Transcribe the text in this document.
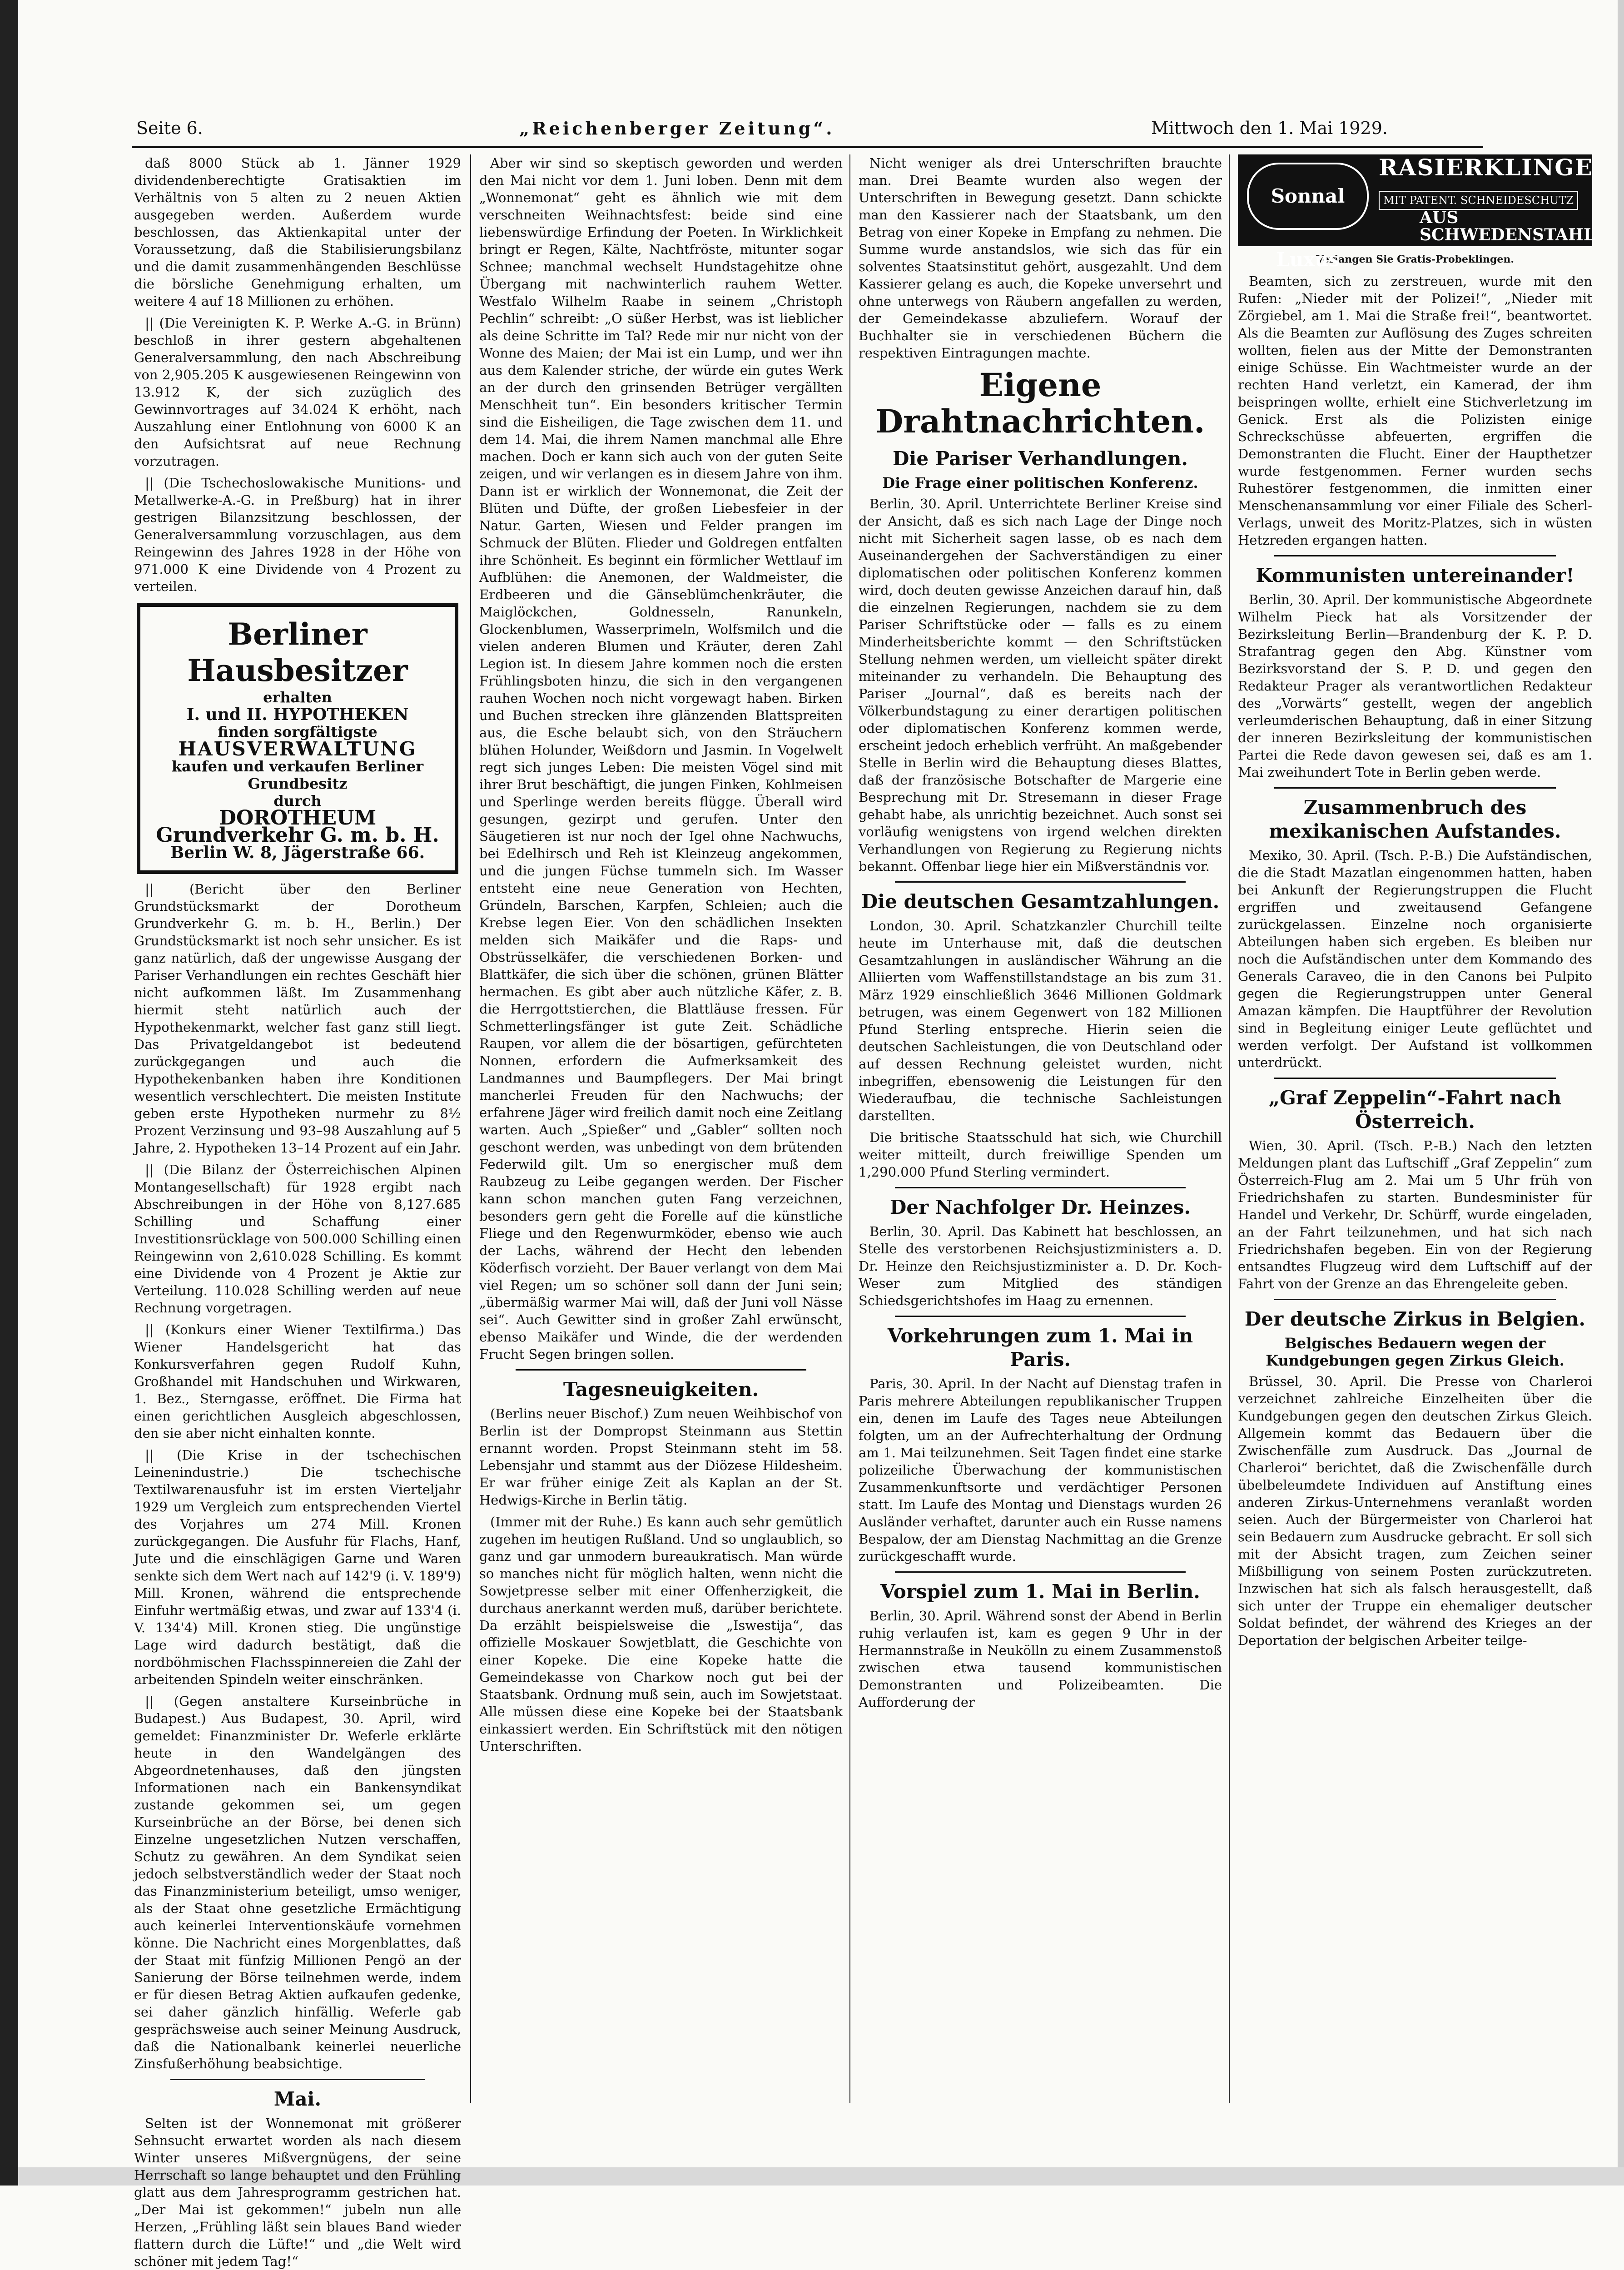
Seite 6.	„Reichenberger Zeitung“.	Mittwoch den 1. Mai 1929.

daß 8000 Stück ab 1. Jänner 1929 dividendenberechtigte Gratisaktien im Verhältnis von 5 alten zu 2 neuen Aktien ausgegeben werden. Außerdem wurde beschlossen, das Aktienkapital unter der Voraussetzung, daß die Stabilisierungsbilanz und die damit zusammenhängenden Beschlüsse die börsliche Genehmigung erhalten, um weitere 4 auf 18 Millionen zu erhöhen.

|| (Die Vereinigten K. P. Werke A.-G. in Brünn) beschloß in ihrer gestern abgehaltenen Generalversammlung, den nach Abschreibung von 2,905.205 K ausgewiesenen Reingewinn von 13.912 K, der sich zuzüglich des Gewinnvortrages auf 34.024 K erhöht, nach Auszahlung einer Entlohnung von 6000 K an den Aufsichtsrat auf neue Rechnung vorzutragen.

|| (Die Tschechoslowakische Munitions- und Metallwerke-A.-G. in Preßburg) hat in ihrer gestrigen Bilanzsitzung beschlossen, der Generalversammlung vorzuschlagen, aus dem Reingewinn des Jahres 1928 in der Höhe von 971.000 K eine Dividende von 4 Prozent zu verteilen.

Berliner Hausbesitzer
erhalten
I. und II. HYPOTHEKEN
finden sorgfältigste
HAUSVERWALTUNG
kaufen und verkaufen Berliner Grundbesitz
durch
DOROTHEUM Grundverkehr G. m. b. H.
Berlin W. 8, Jägerstraße 66.

|| (Bericht über den Berliner Grundstücksmarkt der Dorotheum Grundverkehr G. m. b. H., Berlin.) Der Grundstücksmarkt ist noch sehr unsicher. Es ist ganz natürlich, daß der ungewisse Ausgang der Pariser Verhandlungen ein rechtes Geschäft hier nicht aufkommen läßt. Im Zusammenhang hiermit steht natürlich auch der Hypothekenmarkt, welcher fast ganz still liegt. Das Privatgeldangebot ist bedeutend zurückgegangen und auch die Hypothekenbanken haben ihre Konditionen wesentlich verschlechtert. Die meisten Institute geben erste Hypotheken nurmehr zu 8½ Prozent Verzinsung und 93–98 Auszahlung auf 5 Jahre, 2. Hypotheken 13–14 Prozent auf ein Jahr.

|| (Die Bilanz der Österreichischen Alpinen Montangesellschaft) für 1928 ergibt nach Abschreibungen in der Höhe von 8,127.685 Schilling und Schaffung einer Investitionsrücklage von 500.000 Schilling einen Reingewinn von 2,610.028 Schilling. Es kommt eine Dividende von 4 Prozent je Aktie zur Verteilung. 110.028 Schilling werden auf neue Rechnung vorgetragen.

|| (Konkurs einer Wiener Textilfirma.) Das Wiener Handelsgericht hat das Konkursverfahren gegen Rudolf Kuhn, Großhandel mit Handschuhen und Wirkwaren, 1. Bez., Sterngasse, eröffnet. Die Firma hat einen gerichtlichen Ausgleich abgeschlossen, den sie aber nicht einhalten konnte.

|| (Die Krise in der tschechischen Leinenindustrie.) Die tschechische Textilwarenausfuhr ist im ersten Vierteljahr 1929 um Vergleich zum entsprechenden Viertel des Vorjahres um 274 Mill. Kronen zurückgegangen. Die Ausfuhr für Flachs, Hanf, Jute und die einschlägigen Garne und Waren senkte sich dem Wert nach auf 142'9 (i. V. 189'9) Mill. Kronen, während die entsprechende Einfuhr wertmäßig etwas, und zwar auf 133'4 (i. V. 134'4) Mill. Kronen stieg. Die ungünstige Lage wird dadurch bestätigt, daß die nordböhmischen Flachsspinnereien die Zahl der arbeitenden Spindeln weiter einschränken.

|| (Gegen anstaltere Kurseinbrüche in Budapest.) Aus Budapest, 30. April, wird gemeldet: Finanzminister Dr. Weferle erklärte heute in den Wandelgängen des Abgeordnetenhauses, daß den jüngsten Informationen nach ein Bankensyndikat zustande gekommen sei, um gegen Kurseinbrüche an der Börse, bei denen sich Einzelne ungesetzlichen Nutzen verschaffen, Schutz zu gewähren. An dem Syndikat seien jedoch selbstverständlich weder der Staat noch das Finanzministerium beteiligt, umso weniger, als der Staat ohne gesetzliche Ermächtigung auch keinerlei Interventionskäufe vornehmen könne. Die Nachricht eines Morgenblattes, daß der Staat mit fünfzig Millionen Pengö an der Sanierung der Börse teilnehmen werde, indem er für diesen Betrag Aktien aufkaufen gedenke, sei daher gänzlich hinfällig. Weferle gab gesprächsweise auch seiner Meinung Ausdruck, daß die Nationalbank keinerlei neuerliche Zinsfußerhöhung beabsichtige.

Mai.

Selten ist der Wonnemonat mit größerer Sehnsucht erwartet worden als nach diesem Winter unseres Mißvergnügens, der seine Herrschaft so lange behauptet und den Frühling glatt aus dem Jahresprogramm gestrichen hat. „Der Mai ist gekommen!“ jubeln nun alle Herzen, „Frühling läßt sein blaues Band wieder flattern durch die Lüfte!“ und „die Welt wird schöner mit jedem Tag!“

Aber wir sind so skeptisch geworden und werden den Mai nicht vor dem 1. Juni loben. Denn mit dem „Wonnemonat“ geht es ähnlich wie mit dem verschneiten Weihnachtsfest: beide sind eine liebenswürdige Erfindung der Poeten. In Wirklichkeit bringt er Regen, Kälte, Nachtfröste, mitunter sogar Schnee; manchmal wechselt Hundstagehitze ohne Übergang mit nachwinterlich rauhem Wetter. Westfalo Wilhelm Raabe in seinem „Christoph Pechlin“ schreibt: „O süßer Herbst, was ist lieblicher als deine Schritte im Tal? Rede mir nur nicht von der Wonne des Maien; der Mai ist ein Lump, und wer ihn aus dem Kalender striche, der würde ein gutes Werk an der durch den grinsenden Betrüger vergällten Menschheit tun“. Ein besonders kritischer Termin sind die Eisheiligen, die Tage zwischen dem 11. und dem 14. Mai, die ihrem Namen manchmal alle Ehre machen. Doch er kann sich auch von der guten Seite zeigen, und wir verlangen es in diesem Jahre von ihm. Dann ist er wirklich der Wonnemonat, die Zeit der Blüten und Düfte, der großen Liebesfeier in der Natur. Garten, Wiesen und Felder prangen im Schmuck der Blüten. Flieder und Goldregen entfalten ihre Schönheit. Es beginnt ein förmlicher Wettlauf im Aufblühen: die Anemonen, der Waldmeister, die Erdbeeren und die Gänseblümchenkräuter, die Maiglöckchen, Goldnesseln, Ranunkeln, Glockenblumen, Wasserprimeln, Wolfsmilch und die vielen anderen Blumen und Kräuter, deren Zahl Legion ist. In diesem Jahre kommen noch die ersten Frühlingsboten hinzu, die sich in den vergangenen rauhen Wochen noch nicht vorgewagt haben. Birken und Buchen strecken ihre glänzenden Blattspreiten aus, die Esche belaubt sich, von den Sträuchern blühen Holunder, Weißdorn und Jasmin. In Vogelwelt regt sich junges Leben: Die meisten Vögel sind mit ihrer Brut beschäftigt, die jungen Finken, Kohlmeisen und Sperlinge werden bereits flügge. Überall wird gesungen, gezirpt und gerufen. Unter den Säugetieren ist nur noch der Igel ohne Nachwuchs, bei Edelhirsch und Reh ist Kleinzeug angekommen, und die jungen Füchse tummeln sich. Im Wasser entsteht eine neue Generation von Hechten, Gründeln, Barschen, Karpfen, Schleien; auch die Krebse legen Eier. Von den schädlichen Insekten melden sich Maikäfer und die Raps- und Obstrüsselkäfer, die verschiedenen Borken- und Blattkäfer, die sich über die schönen, grünen Blätter hermachen. Es gibt aber auch nützliche Käfer, z. B. die Herrgottstierchen, die Blattläuse fressen. Für Schmetterlingsfänger ist gute Zeit. Schädliche Raupen, vor allem die der bösartigen, gefürchteten Nonnen, erfordern die Aufmerksamkeit des Landmannes und Baumpflegers. Der Mai bringt mancherlei Freuden für den Nachwuchs; der erfahrene Jäger wird freilich damit noch eine Zeitlang warten. Auch „Spießer“ und „Gabler“ sollten noch geschont werden, was unbedingt von dem brütenden Federwild gilt. Um so energischer muß dem Raubzeug zu Leibe gegangen werden. Der Fischer kann schon manchen guten Fang verzeichnen, besonders gern geht die Forelle auf die künstliche Fliege und den Regenwurmköder, ebenso wie auch der Lachs, während der Hecht den lebenden Köderfisch vorzieht. Der Bauer verlangt von dem Mai viel Regen; um so schöner soll dann der Juni sein; „übermäßig warmer Mai will, daß der Juni voll Nässe sei“. Auch Gewitter sind in großer Zahl erwünscht, ebenso Maikäfer und Winde, die der werdenden Frucht Segen bringen sollen.

Tagesneuigkeiten.

(Berlins neuer Bischof.) Zum neuen Weihbischof von Berlin ist der Dompropst Steinmann aus Stettin ernannt worden. Propst Steinmann steht im 58. Lebensjahr und stammt aus der Diözese Hildesheim. Er war früher einige Zeit als Kaplan an der St. Hedwigs-Kirche in Berlin tätig.

(Immer mit der Ruhe.) Es kann auch sehr gemütlich zugehen im heutigen Rußland. Und so unglaublich, so ganz und gar unmodern bureaukratisch. Man würde so manches nicht für möglich halten, wenn nicht die Sowjetpresse selber mit einer Offenherzigkeit, die durchaus anerkannt werden muß, darüber berichtete. Da erzählt beispielsweise die „Iswestija“, das offizielle Moskauer Sowjetblatt, die Geschichte von einer Kopeke. Die eine Kopeke hatte die Gemeindekasse von Charkow noch gut bei der Staatsbank. Ordnung muß sein, auch im Sowjetstaat. Alle müssen diese eine Kopeke bei der Staatsbank einkassiert werden. Ein Schriftstück mit den nötigen Unterschriften.

Nicht weniger als drei Unterschriften brauchte man. Drei Beamte wurden also wegen der Unterschriften in Bewegung gesetzt. Dann schickte man den Kassierer nach der Staatsbank, um den Betrag von einer Kopeke in Empfang zu nehmen. Die Summe wurde anstandslos, wie sich das für ein solventes Staatsinstitut gehört, ausgezahlt. Und dem Kassierer gelang es auch, die Kopeke unversehrt und ohne unterwegs von Räubern angefallen zu werden, der Gemeindekasse abzuliefern. Worauf der Buchhalter sie in verschiedenen Büchern die respektiven Eintragungen machte.

Eigene Drahtnachrichten.
Die Pariser Verhandlungen.
Die Frage einer politischen Konferenz.

Berlin, 30. April. Unterrichtete Berliner Kreise sind der Ansicht, daß es sich nach Lage der Dinge noch nicht mit Sicherheit sagen lasse, ob es nach dem Auseinandergehen der Sachverständigen zu einer diplomatischen oder politischen Konferenz kommen wird, doch deuten gewisse Anzeichen darauf hin, daß die einzelnen Regierungen, nachdem sie zu dem Pariser Schriftstücke oder — falls es zu einem Minderheitsberichte kommt — den Schriftstücken Stellung nehmen werden, um vielleicht später direkt miteinander zu verhandeln. Die Behauptung des Pariser „Journal“, daß es bereits nach der Völkerbundstagung zu einer derartigen politischen oder diplomatischen Konferenz kommen werde, erscheint jedoch erheblich verfrüht. An maßgebender Stelle in Berlin wird die Behauptung dieses Blattes, daß der französische Botschafter de Margerie eine Besprechung mit Dr. Stresemann in dieser Frage gehabt habe, als unrichtig bezeichnet. Auch sonst sei vorläufig wenigstens von irgend welchen direkten Verhandlungen von Regierung zu Regierung nichts bekannt. Offenbar liege hier ein Mißverständnis vor.

Die deutschen Gesamtzahlungen.

London, 30. April. Schatzkanzler Churchill teilte heute im Unterhause mit, daß die deutschen Gesamtzahlungen in ausländischer Währung an die Alliierten vom Waffenstillstandstage an bis zum 31. März 1929 einschließlich 3646 Millionen Goldmark betrugen, was einem Gegenwert von 182 Millionen Pfund Sterling entspreche. Hierin seien die deutschen Sachleistungen, die von Deutschland oder auf dessen Rechnung geleistet wurden, nicht inbegriffen, ebensowenig die Leistungen für den Wiederaufbau, die technische Sachleistungen darstellten.

Die britische Staatsschuld hat sich, wie Churchill weiter mitteilt, durch freiwillige Spenden um 1,290.000 Pfund Sterling vermindert.

Der Nachfolger Dr. Heinzes.

Berlin, 30. April. Das Kabinett hat beschlossen, an Stelle des verstorbenen Reichsjustizministers a. D. Dr. Heinze den Reichsjustizminister a. D. Dr. Koch-Weser zum Mitglied des ständigen Schiedsgerichtshofes im Haag zu ernennen.

Vorkehrungen zum 1. Mai in Paris.

Paris, 30. April. In der Nacht auf Dienstag trafen in Paris mehrere Abteilungen republikanischer Truppen ein, denen im Laufe des Tages neue Abteilungen folgten, um an der Aufrechterhaltung der Ordnung am 1. Mai teilzunehmen. Seit Tagen findet eine starke polizeiliche Überwachung der kommunistischen Zusammenkunftsorte und verdächtiger Personen statt. Im Laufe des Montag und Dienstags wurden 26 Ausländer verhaftet, darunter auch ein Russe namens Bespalow, der am Dienstag Nachmittag an die Grenze zurückgeschafft wurde.

Vorspiel zum 1. Mai in Berlin.

Berlin, 30. April. Während sonst der Abend in Berlin ruhig verlaufen ist, kam es gegen 9 Uhr in der Hermannstraße in Neukölln zu einem Zusammenstoß zwischen etwa tausend kommunistischen Demonstranten und Polizeibeamten. Die Aufforderung der

Sonnal Luxus
RASIERKLINGE
MIT PATENT. SCHNEIDESCHUTZ
AUS SCHWEDENSTAHL
Verlangen Sie Gratis-Probeklingen.

Beamten, sich zu zerstreuen, wurde mit den Rufen: „Nieder mit der Polizei!“, „Nieder mit Zörgiebel, am 1. Mai die Straße frei!“, beantwortet. Als die Beamten zur Auflösung des Zuges schreiten wollten, fielen aus der Mitte der Demonstranten einige Schüsse. Ein Wachtmeister wurde an der rechten Hand verletzt, ein Kamerad, der ihm beispringen wollte, erhielt eine Stichverletzung im Genick. Erst als die Polizisten einige Schreckschüsse abfeuerten, ergriffen die Demonstranten die Flucht. Einer der Haupthetzer wurde festgenommen. Ferner wurden sechs Ruhestörer festgenommen, die inmitten einer Menschenansammlung vor einer Filiale des Scherl-Verlags, unweit des Moritz-Platzes, sich in wüsten Hetzreden ergangen hatten.

Kommunisten untereinander!

Berlin, 30. April. Der kommunistische Abgeordnete Wilhelm Pieck hat als Vorsitzender der Bezirksleitung Berlin—Brandenburg der K. P. D. Strafantrag gegen den Abg. Künstner vom Bezirksvorstand der S. P. D. und gegen den Redakteur Prager als verantwortlichen Redakteur des „Vorwärts“ gestellt, wegen der angeblich verleumderischen Behauptung, daß in einer Sitzung der inneren Bezirksleitung der kommunistischen Partei die Rede davon gewesen sei, daß es am 1. Mai zweihundert Tote in Berlin geben werde.

Zusammenbruch des mexikanischen Aufstandes.

Mexiko, 30. April. (Tsch. P.-B.) Die Aufständischen, die die Stadt Mazatlan eingenommen hatten, haben bei Ankunft der Regierungstruppen die Flucht ergriffen und zweitausend Gefangene zurückgelassen. Einzelne noch organisierte Abteilungen haben sich ergeben. Es bleiben nur noch die Aufständischen unter dem Kommando des Generals Caraveo, die in den Canons bei Pulpito gegen die Regierungstruppen unter General Amazan kämpfen. Die Hauptführer der Revolution sind in Begleitung einiger Leute geflüchtet und werden verfolgt. Der Aufstand ist vollkommen unterdrückt.

„Graf Zeppelin“-Fahrt nach Österreich.

Wien, 30. April. (Tsch. P.-B.) Nach den letzten Meldungen plant das Luftschiff „Graf Zeppelin“ zum Österreich-Flug am 2. Mai um 5 Uhr früh von Friedrichshafen zu starten. Bundesminister für Handel und Verkehr, Dr. Schürff, wurde eingeladen, an der Fahrt teilzunehmen, und hat sich nach Friedrichshafen begeben. Ein von der Regierung entsandtes Flugzeug wird dem Luftschiff auf der Fahrt von der Grenze an das Ehrengeleite geben.

Der deutsche Zirkus in Belgien.
Belgisches Bedauern wegen der Kundgebungen gegen Zirkus Gleich.

Brüssel, 30. April. Die Presse von Charleroi verzeichnet zahlreiche Einzelheiten über die Kundgebungen gegen den deutschen Zirkus Gleich. Allgemein kommt das Bedauern über die Zwischenfälle zum Ausdruck. Das „Journal de Charleroi“ berichtet, daß die Zwischenfälle durch übelbeleumdete Individuen auf Anstiftung eines anderen Zirkus-Unternehmens veranlaßt worden seien. Auch der Bürgermeister von Charleroi hat sein Bedauern zum Ausdrucke gebracht. Er soll sich mit der Absicht tragen, zum Zeichen seiner Mißbilligung von seinem Posten zurückzutreten. Inzwischen hat sich als falsch herausgestellt, daß sich unter der Truppe ein ehemaliger deutscher Soldat befindet, der während des Krieges an der Deportation der belgischen Arbeiter teilge-
